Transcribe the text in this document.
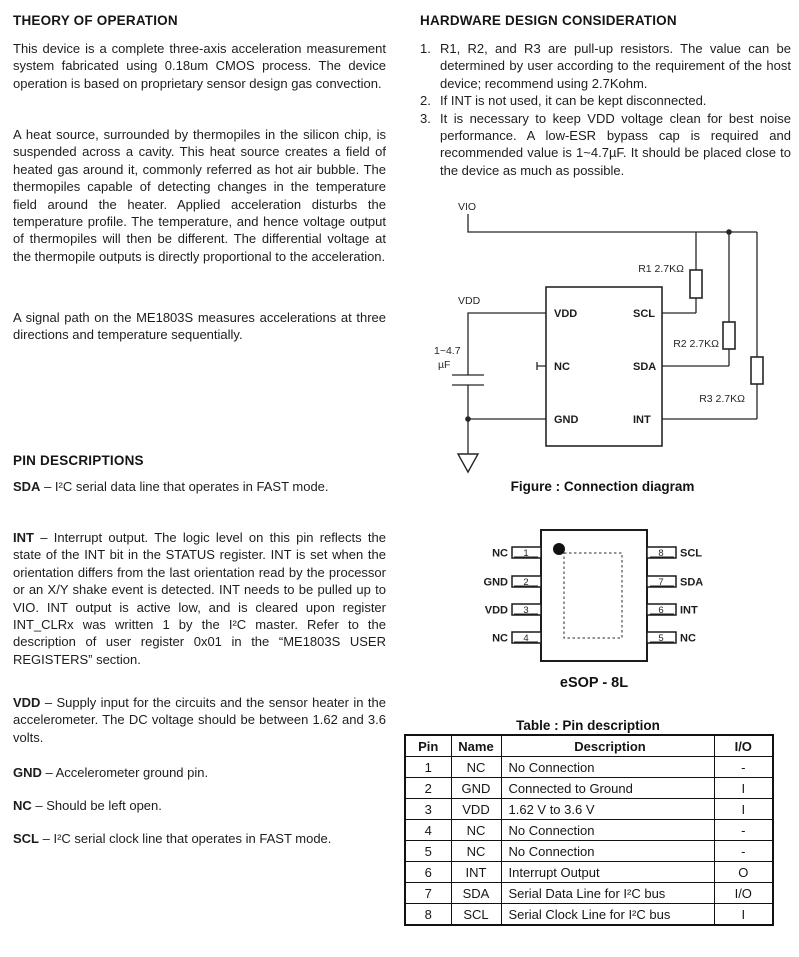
THEORY OF OPERATION

This device is a complete three-axis acceleration measurement system fabricated using 0.18um CMOS process. The device operation is based on proprietary sensor design gas convection.

A heat source, surrounded by thermopiles in the silicon chip, is suspended across a cavity. This heat source creates a field of heated gas around it, commonly referred as hot air bubble. The thermopiles capable of detecting changes in the temperature field around the heater. Applied acceleration disturbs the temperature profile. The temperature, and hence voltage output of thermopiles will then be different. The differential voltage at the thermopile outputs is directly proportional to the acceleration.

A signal path on the ME1803S measures accelerations at three directions and temperature sequentially.

PIN DESCRIPTIONS

SDA – I²C serial data line that operates in FAST mode.

INT – Interrupt output. The logic level on this pin reflects the state of the INT bit in the STATUS register. INT is set when the orientation differs from the last orientation read by the processor or an X/Y shake event is detected. INT needs to be pulled up to VIO. INT output is active low, and is cleared upon register INT_CLRx was written 1 by the I²C master. Refer to the description of user register 0x01 in the “ME1803S USER REGISTERS” section.

VDD – Supply input for the circuits and the sensor heater in the accelerometer. The DC voltage should be between 1.62 and 3.6 volts.

GND – Accelerometer ground pin.

NC – Should be left open.

SCL – I²C serial clock line that operates in FAST mode.

HARDWARE DESIGN CONSIDERATION
1. R1, R2, and R3 are pull-up resistors. The value can be determined by user according to the requirement of the host device; recommend using 2.7Kohm.
2. If INT is not used, it can be kept disconnected.
3. It is necessary to keep VDD voltage clean for best noise performance. A low-ESR bypass cap is required and recommended value is 1~4.7µF. It should be placed close to the device as much as possible.
VIO
R1 2.7KΩ
R2 2.7KΩ
R3 2.7KΩ
VDD	SCL
NC	SDA
GND	INT
VDD
1~4.7
µF
Figure : Connection diagram
1
2
3
4
8
7
6
5
NC
GND
VDD
NC
SCL
SDA
INT
NC
eSOP - 8L
Table : Pin description
Pin	Name	Description	I/O
1	NC	No Connection	-
2	GND	Connected to Ground	I
3	VDD	1.62 V to 3.6 V	I
4	NC	No Connection	-
5	NC	No Connection	-
6	INT	Interrupt Output	O
7	SDA	Serial Data Line for I²C bus	I/O
8	SCL	Serial Clock Line for I²C bus	I
